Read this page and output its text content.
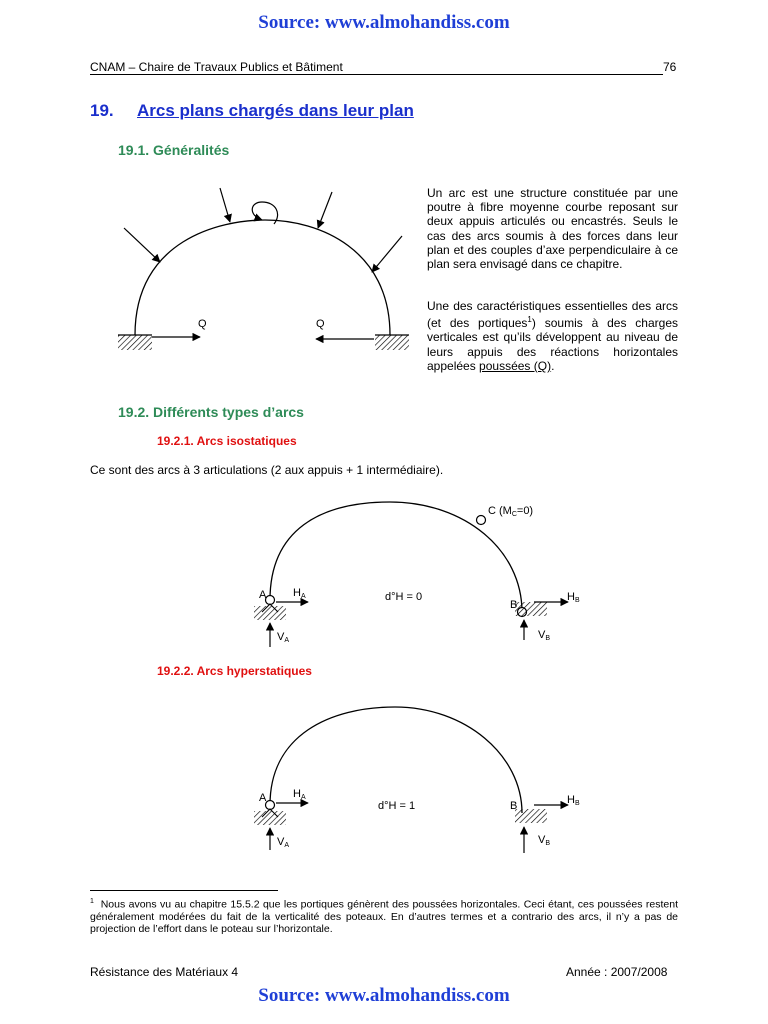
Source: www.almohandiss.com
CNAM – Chaire de Travaux Publics et Bâtiment	76
19. Arcs plans chargés dans leur plan
19.1. Généralités
Q	Q
Un arc est une structure constituée par une poutre à fibre moyenne courbe reposant sur deux appuis articulés ou encastrés. Seuls le cas des arcs soumis à des forces dans leur plan et des couples d’axe perpendiculaire à ce plan sera envisagé dans ce chapitre.
Une des caractéristiques essentielles des arcs (et des portiques$^1$) soumis à des charges verticales est qu’ils développent au niveau de leurs appuis des réactions horizontales appelées poussées (Q).
19.2. Différents types d’arcs
19.2.1. Arcs isostatiques
Ce sont des arcs à 3 articulations (2 aux appuis + 1 intermédiaire).
A
B
HA	HB
VA	VB
C (MC=0)
d°H = 0
19.2.2. Arcs hyperstatiques
A
B
HA	HB
VA	VB
d°H = 1
$^1$ Nous avons vu au chapitre 15.5.2 que les portiques génèrent des poussées horizontales. Ceci étant, ces poussées restent généralement modérées du fait de la verticalité des poteaux. En d’autres termes et a contrario des arcs, il n’y a pas de projection de l’effort dans le poteau sur l’horizontale.
Résistance des Matériaux 4	Année : 2007/2008
Source: www.almohandiss.com
